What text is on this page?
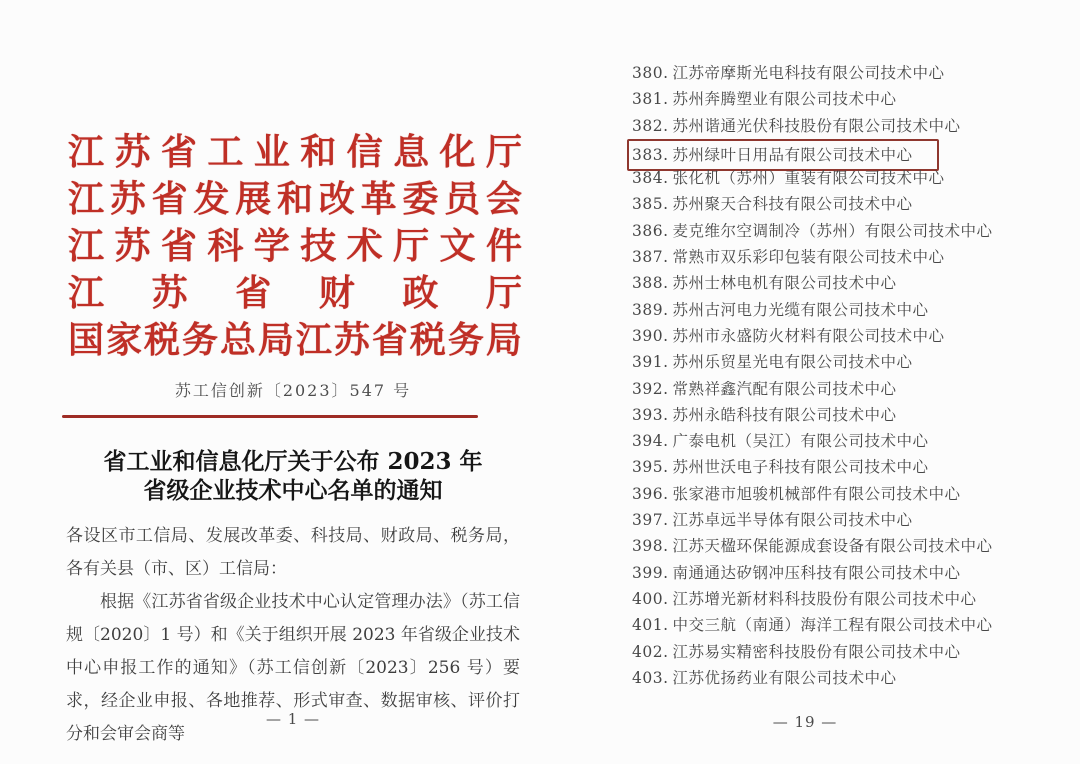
江 苏 省 工 业 和 信 息 化 厅
江 苏 省 发 展 和 改 革 委 员 会
江 苏 省 科 学 技 术 厅 文 件
江 苏 省 财 政 厅
国 家 税 务 总 局 江 苏 省 税 务 局
苏工信创新〔2023〕547 号
省工业和信息化厅关于公布 2023 年
省级企业技术中心名单的通知

各设区市工信局、发展改革委、科技局、财政局、税务局，各有关县（市、区）工信局：

根据《江苏省省级企业技术中心认定管理办法》（苏工信规〔2020〕1 号）和《关于组织开展 2023 年省级企业技术中心申报工作的通知》（苏工信创新〔2023〕256 号）要求，经企业申报、各地推荐、形式审查、数据审核、评价打分和会审会商等

— 1 —
380. 江苏帝摩斯光电科技有限公司技术中心
381. 苏州奔腾塑业有限公司技术中心
382. 苏州谐通光伏科技股份有限公司技术中心
383. 苏州绿叶日用品有限公司技术中心
384. 张化机（苏州）重装有限公司技术中心
385. 苏州聚天合科技有限公司技术中心
386. 麦克维尔空调制冷（苏州）有限公司技术中心
387. 常熟市双乐彩印包装有限公司技术中心
388. 苏州士林电机有限公司技术中心
389. 苏州古河电力光缆有限公司技术中心
390. 苏州市永盛防火材料有限公司技术中心
391. 苏州乐贸星光电有限公司技术中心
392. 常熟祥鑫汽配有限公司技术中心
393. 苏州永皓科技有限公司技术中心
394. 广泰电机（吴江）有限公司技术中心
395. 苏州世沃电子科技有限公司技术中心
396. 张家港市旭骏机械部件有限公司技术中心
397. 江苏卓远半导体有限公司技术中心
398. 江苏天楹环保能源成套设备有限公司技术中心
399. 南通通达矽钢冲压科技有限公司技术中心
400. 江苏增光新材料科技股份有限公司技术中心
401. 中交三航（南通）海洋工程有限公司技术中心
402. 江苏易实精密科技股份有限公司技术中心
403. 江苏优扬药业有限公司技术中心
— 19 —
